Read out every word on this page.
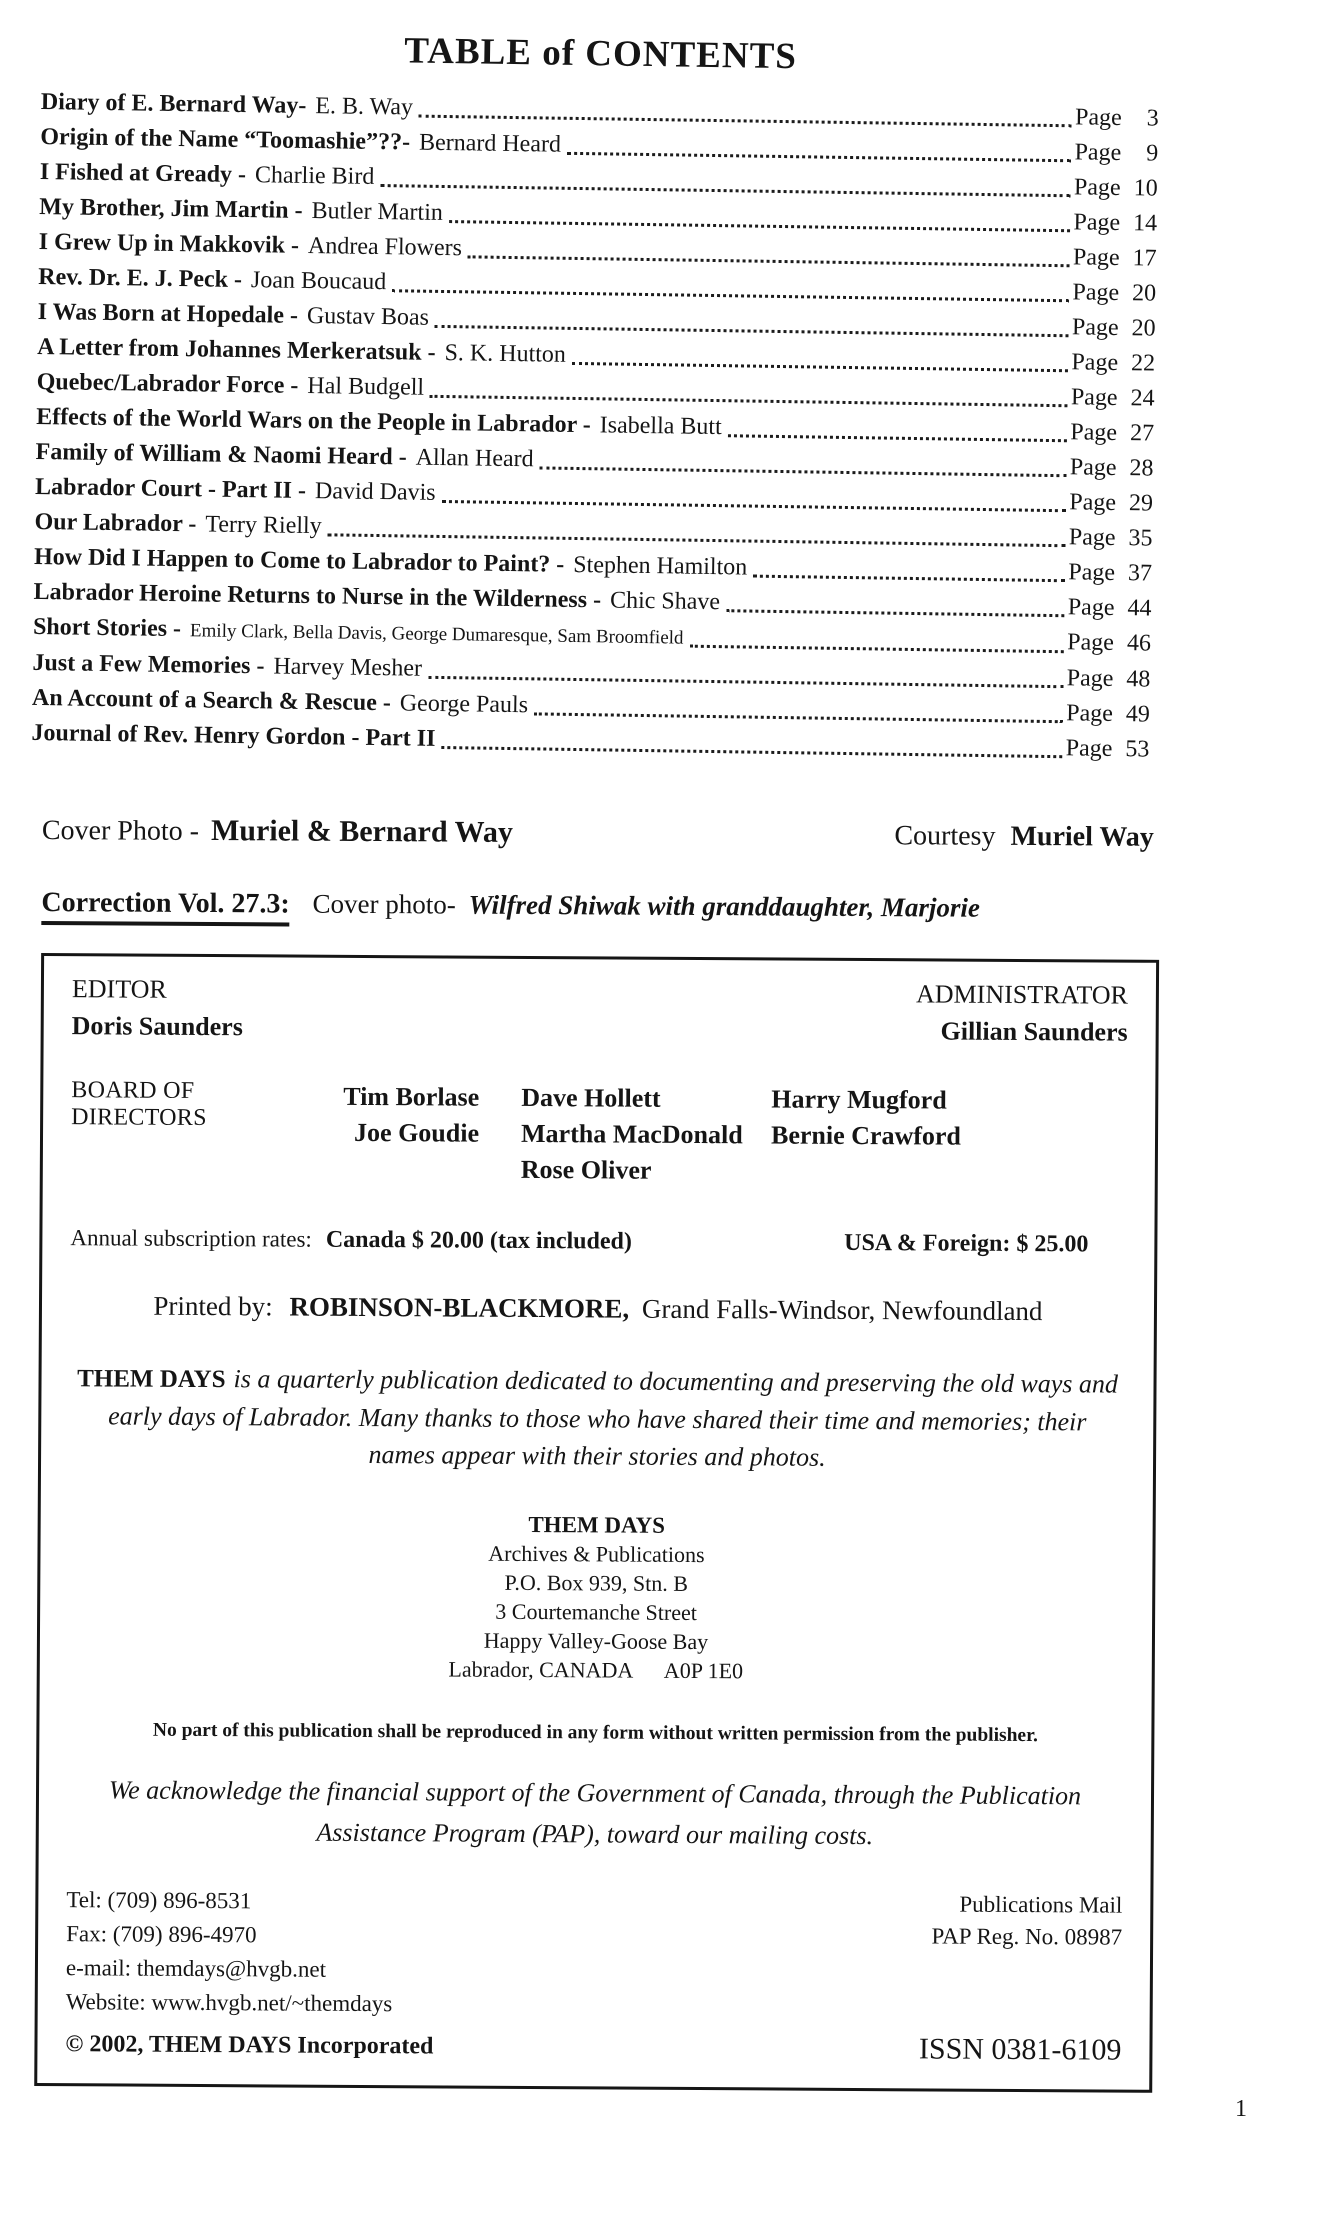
TABLE of CONTENTS
Diary of E. Bernard Way- E. B. Way	Page	3
Origin of the Name “Toomashie”??- Bernard Heard	Page	9
I Fished at Gready - Charlie Bird	Page 10
My Brother, Jim Martin - Butler Martin	Page 14
I Grew Up in Makkovik - Andrea Flowers	Page 17
Rev. Dr. E. J. Peck - Joan Boucaud	Page 20
I Was Born at Hopedale - Gustav Boas	Page 20
A Letter from Johannes Merkeratsuk - S. K. Hutton	Page 22
Quebec/Labrador Force - Hal Budgell	Page 24
Effects of the World Wars on the People in Labrador - Isabella Butt	Page 27
Family of William & Naomi Heard - Allan Heard	Page 28
Labrador Court - Part II - David Davis	Page 29
Our Labrador - Terry Rielly	Page 35
How Did I Happen to Come to Labrador to Paint? - Stephen Hamilton	Page 37
Labrador Heroine Returns to Nurse in the Wilderness - Chic Shave	Page 44
Short Stories - Emily Clark, Bella Davis, George Dumaresque, Sam Broomfield	Page 46
Just a Few Memories - Harvey Mesher	Page 48
An Account of a Search & Rescue - George Pauls	Page 49
Journal of Rev. Henry Gordon - Part II	Page 53
Cover Photo - Muriel & Bernard Way	Courtesy Muriel Way
Correction Vol. 27.3: Cover photo- Wilfred Shiwak with granddaughter, Marjorie
EDITOR
Doris Saunders
ADMINISTRATOR
Gillian Saunders
BOARD OF DIRECTORS
Tim Borlase
Joe Goudie
Dave Hollett
Martha MacDonald
Rose Oliver
Harry Mugford
Bernie Crawford
Annual subscription rates: Canada $ 20.00 (tax included)	USA & Foreign: $ 25.00
Printed by: ROBINSON-BLACKMORE, Grand Falls-Windsor, Newfoundland

THEM DAYS is a quarterly publication dedicated to documenting and preserving the old ways and early days of Labrador. Many thanks to those who have shared their time and memories; their names appear with their stories and photos.

THEM DAYS
Archives & Publications
P.O. Box 939, Stn. B
3 Courtemanche Street
Happy Valley-Goose Bay
Labrador, CANADA      A0P 1E0
No part of this publication shall be reproduced in any form without written permission from the publisher.

We acknowledge the financial support of the Government of Canada, through the Publication Assistance Program (PAP), toward our mailing costs.

Tel: (709) 896-8531
Fax: (709) 896-4970
e-mail: themdays@hvgb.net
Website: www.hvgb.net/~themdays
© 2002, THEM DAYS Incorporated
Publications Mail
PAP Reg. No. 08987
ISSN 0381-6109
1
